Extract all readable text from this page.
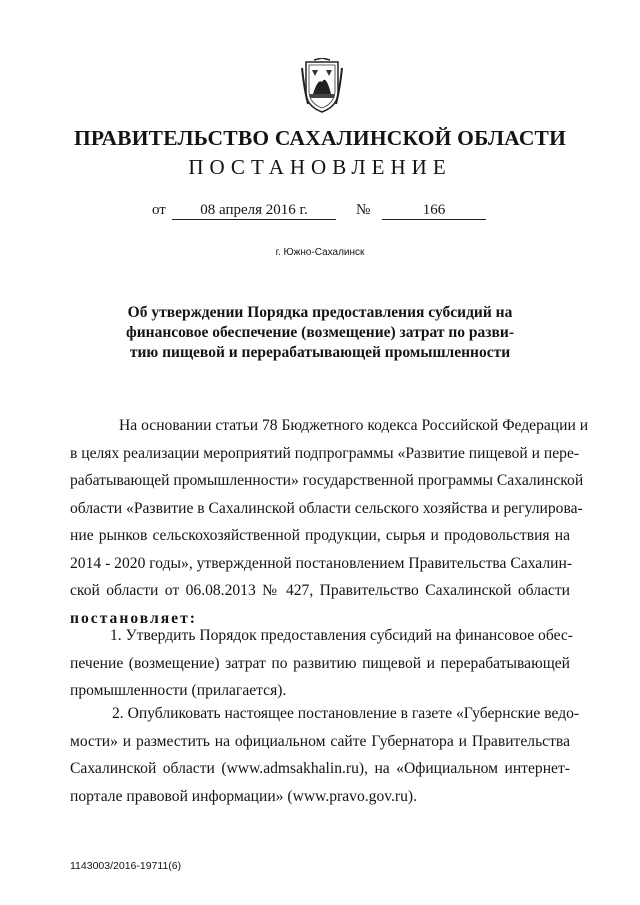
ПРАВИТЕЛЬСТВО САХАЛИНСКОЙ ОБЛАСТИ
ПОСТАНОВЛЕНИЕ
от	08 апреля 2016 г.	№	166
г. Южно-Сахалинск
Об утверждении Порядка предоставления субсидий на
финансовое обеспечение (возмещение) затрат по разви-
тию пищевой и перерабатывающей промышленности
На основании статьи 78 Бюджетного кодекса Российской Федерации и
в целях реализации мероприятий подпрограммы «Развитие пищевой и пере-
рабатывающей промышленности» государственной программы Сахалинской
области «Развитие в Сахалинской области сельского хозяйства и регулирова-
ние рынков сельскохозяйственной продукции, сырья и продовольствия на
2014 - 2020 годы», утвержденной постановлением Правительства Сахалин-
ской области от 06.08.2013 № 427, Правительство Сахалинской области
постановляет:
1. Утвердить Порядок предоставления субсидий на финансовое обес-
печение (возмещение) затрат по развитию пищевой и перерабатывающей
промышленности (прилагается).
2. Опубликовать настоящее постановление в газете «Губернские ведо-
мости» и разместить на официальном сайте Губернатора и Правительства
Сахалинской области (www.admsakhalin.ru), на «Официальном интернет-
портале правовой информации» (www.pravo.gov.ru).
1143003/2016-19711(6)
